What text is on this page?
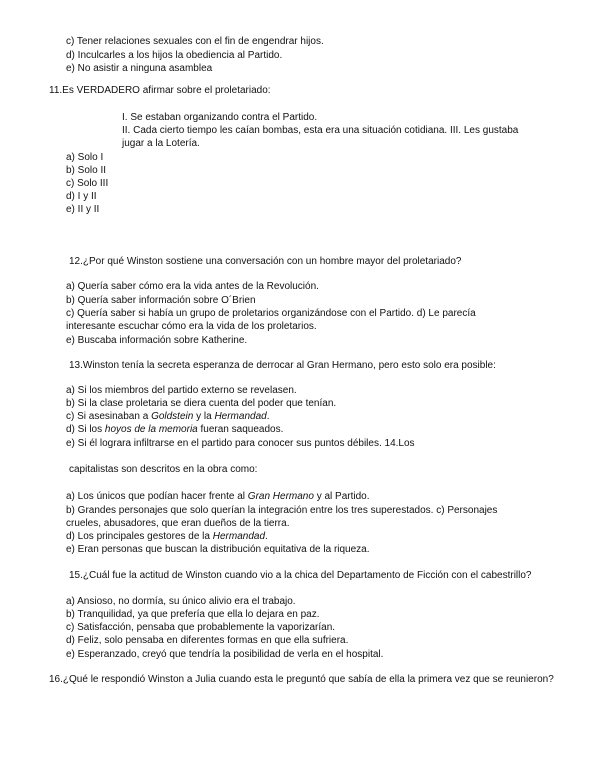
c) Tener relaciones sexuales con el fin de engendrar hijos.
d) Inculcarles a los hijos la obediencia al Partido.
e) No asistir a ninguna asamblea
11.Es VERDADERO afirmar sobre el proletariado:
I. Se estaban organizando contra el Partido.
II. Cada cierto tiempo les caían bombas, esta era una situación cotidiana. III. Les gustaba
jugar a la Lotería.
a) Solo I
b) Solo II
c) Solo III
d) I y II
e) II y II
12.¿Por qué Winston sostiene una conversación con un hombre mayor del proletariado?
a) Quería saber cómo era la vida antes de la Revolución.
b) Quería saber información sobre O´Brien
c) Quería saber si había un grupo de proletarios organizándose con el Partido. d) Le parecía
interesante escuchar cómo era la vida de los proletarios.
e) Buscaba información sobre Katherine.
13.Winston tenía la secreta esperanza de derrocar al Gran Hermano, pero esto solo era posible:
a) Si los miembros del partido externo se revelasen.
b) Si la clase proletaria se diera cuenta del poder que tenían.
c) Si asesinaban a Goldstein y la Hermandad.
d) Si los hoyos de la memoria fueran saqueados.
e) Si él lograra infiltrarse en el partido para conocer sus puntos débiles. 14.Los
capitalistas son descritos en la obra como:
a) Los únicos que podían hacer frente al Gran Hermano y al Partido.
b) Grandes personajes que solo querían la integración entre los tres superestados. c) Personajes
crueles, abusadores, que eran dueños de la tierra.
d) Los principales gestores de la Hermandad.
e) Eran personas que buscan la distribución equitativa de la riqueza.
15.¿Cuál fue la actitud de Winston cuando vio a la chica del Departamento de Ficción con el cabestrillo?
a) Ansioso, no dormía, su único alivio era el trabajo.
b) Tranquilidad, ya que prefería que ella lo dejara en paz.
c) Satisfacción, pensaba que probablemente la vaporizarían.
d) Feliz, solo pensaba en diferentes formas en que ella sufriera.
e) Esperanzado, creyó que tendría la posibilidad de verla en el hospital.
16.¿Qué le respondió Winston a Julia cuando esta le preguntó que sabía de ella la primera vez que se reunieron?
